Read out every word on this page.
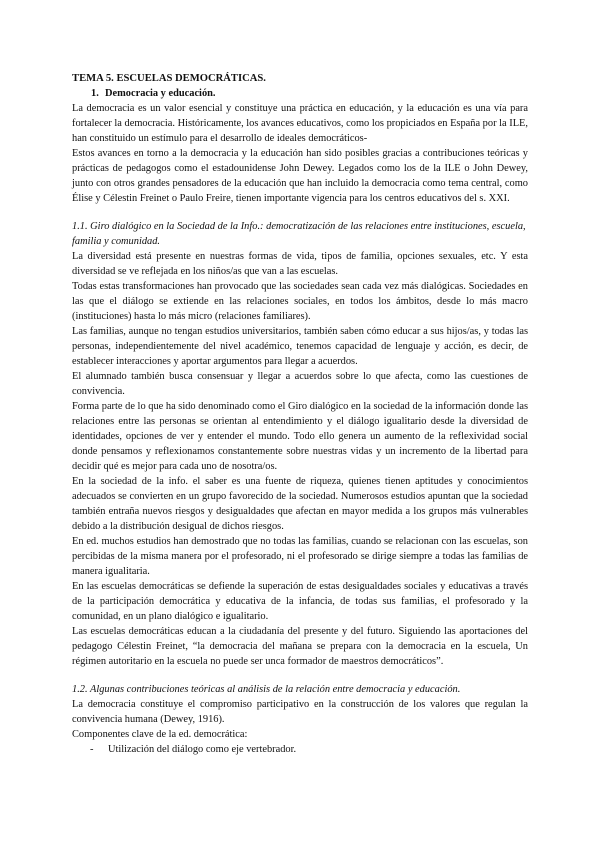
TEMA 5. ESCUELAS DEMOCRÁTICAS.
1. Democracia y educación.

La democracia es un valor esencial y constituye una práctica en educación, y la educación es una vía para fortalecer la democracia. Históricamente, los avances educativos, como los propiciados en España por la ILE, han constituido un estímulo para el desarrollo de ideales democráticos-

Estos avances en torno a la democracia y la educación han sido posibles gracias a contribuciones teóricas y prácticas de pedagogos como el estadounidense John Dewey. Legados como los de la ILE o John Dewey, junto con otros grandes pensadores de la educación que han incluido la democracia como tema central, como Élise y Célestin Freinet o Paulo Freire, tienen importante vigencia para los centros educativos del s. XXI.

1.1. Giro dialógico en la Sociedad de la Info.: democratización de las relaciones entre instituciones, escuela, familia y comunidad.

La diversidad está presente en nuestras formas de vida, tipos de familia, opciones sexuales, etc. Y esta diversidad se ve reflejada en los niños/as que van a las escuelas.

Todas estas transformaciones han provocado que las sociedades sean cada vez más dialógicas. Sociedades en las que el diálogo se extiende en las relaciones sociales, en todos los ámbitos, desde lo más macro (instituciones) hasta lo más micro (relaciones familiares).

Las familias, aunque no tengan estudios universitarios, también saben cómo educar a sus hijos/as, y todas las personas, independientemente del nivel académico, tenemos capacidad de lenguaje y acción, es decir, de establecer interacciones y aportar argumentos para llegar a acuerdos.

El alumnado también busca consensuar y llegar a acuerdos sobre lo que afecta, como las cuestiones de convivencia.

Forma parte de lo que ha sido denominado como el Giro dialógico en la sociedad de la información donde las relaciones entre las personas se orientan al entendimiento y el diálogo igualitario desde la diversidad de identidades, opciones de ver y entender el mundo. Todo ello genera un aumento de la reflexividad social donde pensamos y reflexionamos constantemente sobre nuestras vidas y un incremento de la libertad para decidir qué es mejor para cada uno de nosotra/os.

En la sociedad de la info. el saber es una fuente de riqueza, quienes tienen aptitudes y conocimientos adecuados se convierten en un grupo favorecido de la sociedad. Numerosos estudios apuntan que la sociedad también entraña nuevos riesgos y desigualdades que afectan en mayor medida a los grupos más vulnerables debido a la distribución desigual de dichos riesgos.

En ed. muchos estudios han demostrado que no todas las familias, cuando se relacionan con las escuelas, son percibidas de la misma manera por el profesorado, ni el profesorado se dirige siempre a todas las familias de manera igualitaria.

En las escuelas democráticas se defiende la superación de estas desigualdades sociales y educativas a través de la participación democrática y educativa de la infancia, de todas sus familias, el profesorado y la comunidad, en un plano dialógico e igualitario.

Las escuelas democráticas educan a la ciudadanía del presente y del futuro. Siguiendo las aportaciones del pedagogo Célestin Freinet, “la democracia del mañana se prepara con la democracia en la escuela, Un régimen autoritario en la escuela no puede ser unca formador de maestros democráticos”.

1.2. Algunas contribuciones teóricas al análisis de la relación entre democracia y educación.

La democracia constituye el compromiso participativo en la construcción de los valores que regulan la convivencia humana (Dewey, 1916).

Componentes clave de la ed. democrática:

- Utilización del diálogo como eje vertebrador.
